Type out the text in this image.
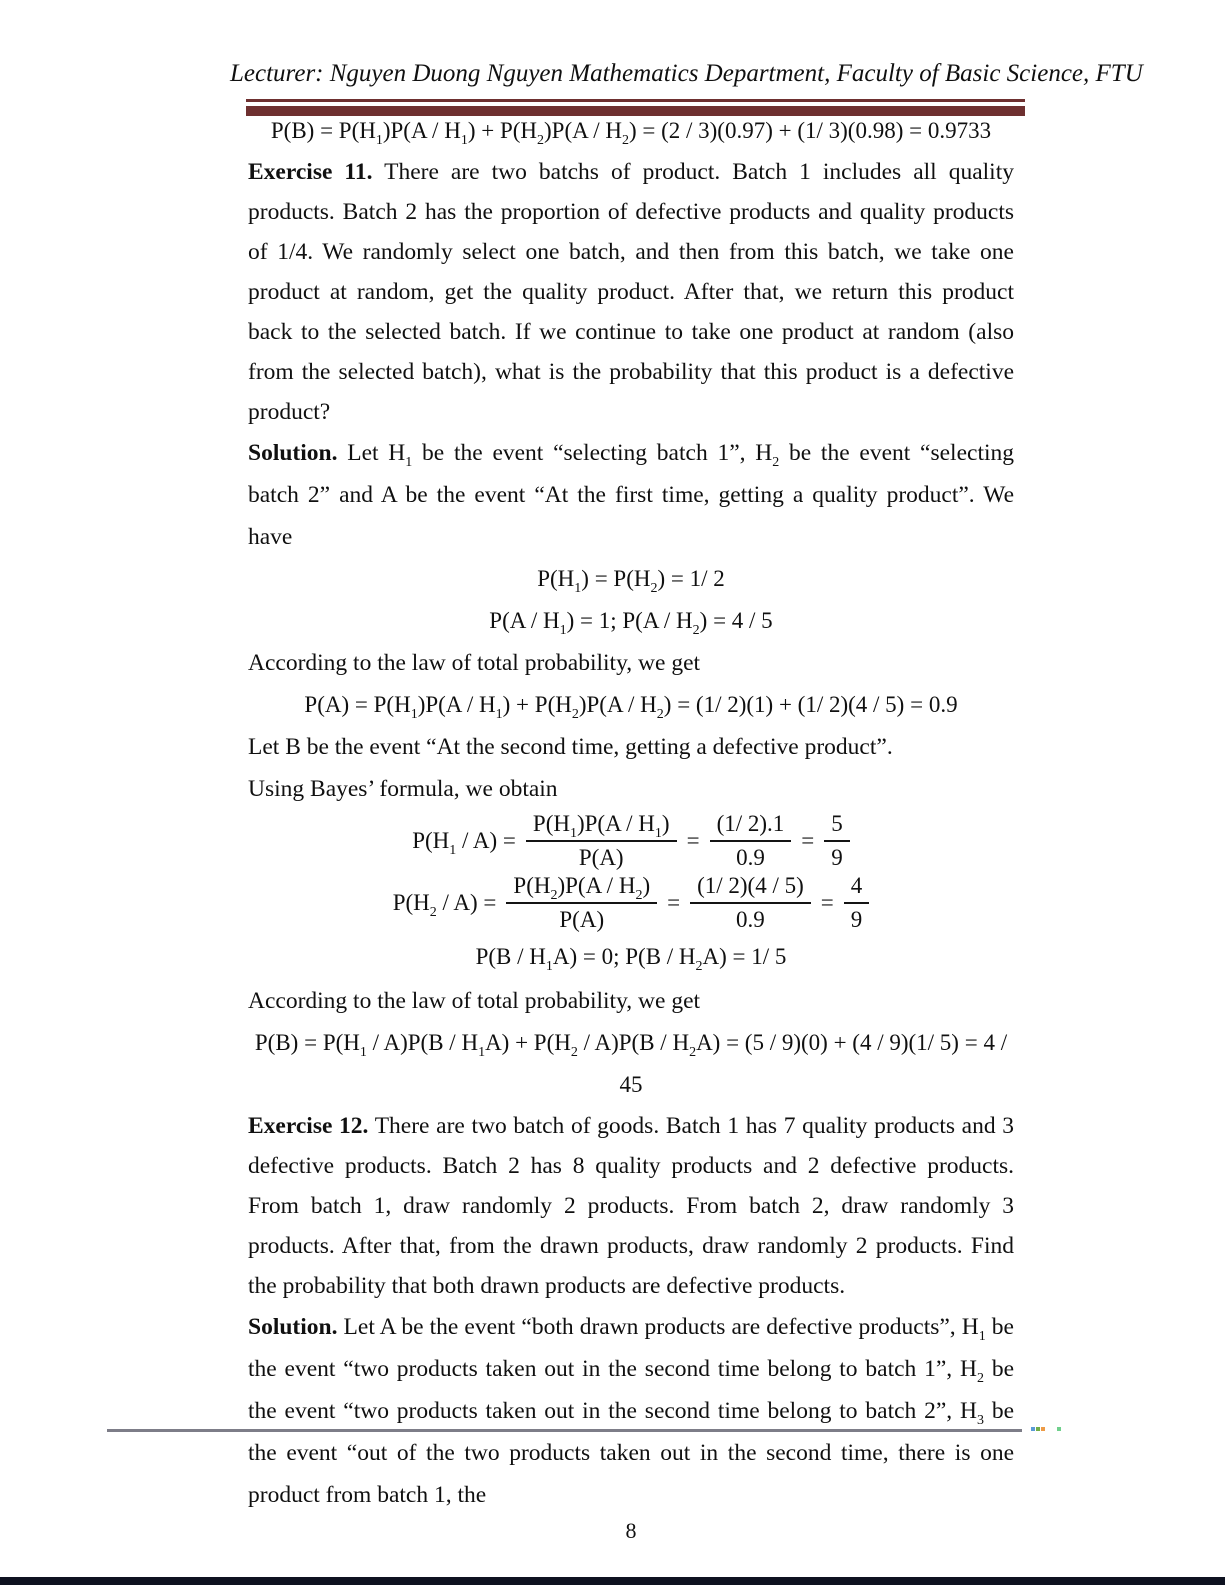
Lecturer: Nguyen Duong Nguyen Mathematics Department, Faculty of Basic Science, FTU
$P(B) = P(H_1)P(A / H_1) + P(H_2)P(A / H_2) = (2 / 3)(0.97) + (1/$ 3)(0.98) = 0.9733

Exercise 11. There are two batchs of product. Batch 1 includes all quality products. Batch 2 has the proportion of defective products and quality products of 1/4. We randomly select one batch, and then from this batch, we take one product at random, get the quality product. After that, we return this product back to the selected batch. If we continue to take one product at random (also from the selected batch), what is the probability that this product is a defective product?

Solution. Let $H_1$ be the event “selecting batch 1”, $H_2$ be the event “selecting batch 2” and A be the event “At the first time, getting a quality product”. We have

$P(H_1) = P(H_2) = 1/$ 2
$P(A / H_1) = 1$; $P(A / H_2) = 4 / 5$
According to the law of total probability, we get
$P(A) = P(H_1)P(A / H_1) + P(H_2)P(A / H_2) = (1/$ 2)(1) + (1/ 2)(4 / 5) = 0.9
Let B be the event “At the second time, getting a defective product”.
Using Bayes’ formula, we obtain
$P(H_1 / A) = \frac{P(H_1)P(A / H_1)}{P(A)} = \frac{(1/ 2).1}{0.9} = \frac{5}{9}$
$P(H_2 / A) = \frac{P(H_2)P(A / H_2)}{P(A)} = \frac{(1/ 2)(4 / 5)}{0.9} = \frac{4}{9}$
$P(B / H_1A) = 0$; $P(B / H_2A) = 1/$ 5
According to the law of total probability, we get
$P(B) = P(H_1 / A)P(B / H_1A) + P(H_2 / A)P(B / H_2A) = (5 / 9)(0) + (4 / 9)(1/$ 5) = 4 / 45

Exercise 12. There are two batch of goods. Batch 1 has 7 quality products and 3 defective products. Batch 2 has 8 quality products and 2 defective products. From batch 1, draw randomly 2 products. From batch 2, draw randomly 3 products. After that, from the drawn products, draw randomly 2 products. Find the probability that both drawn products are defective products.

Solution. Let A be the event “both drawn products are defective products”, $H_1$ be the event “two products taken out in the second time belong to batch 1”, $H_2$ be the event “two products taken out in the second time belong to batch 2”, $H_3$ be the event “out of the two products taken out in the second time, there is one product from batch 1, the

8
